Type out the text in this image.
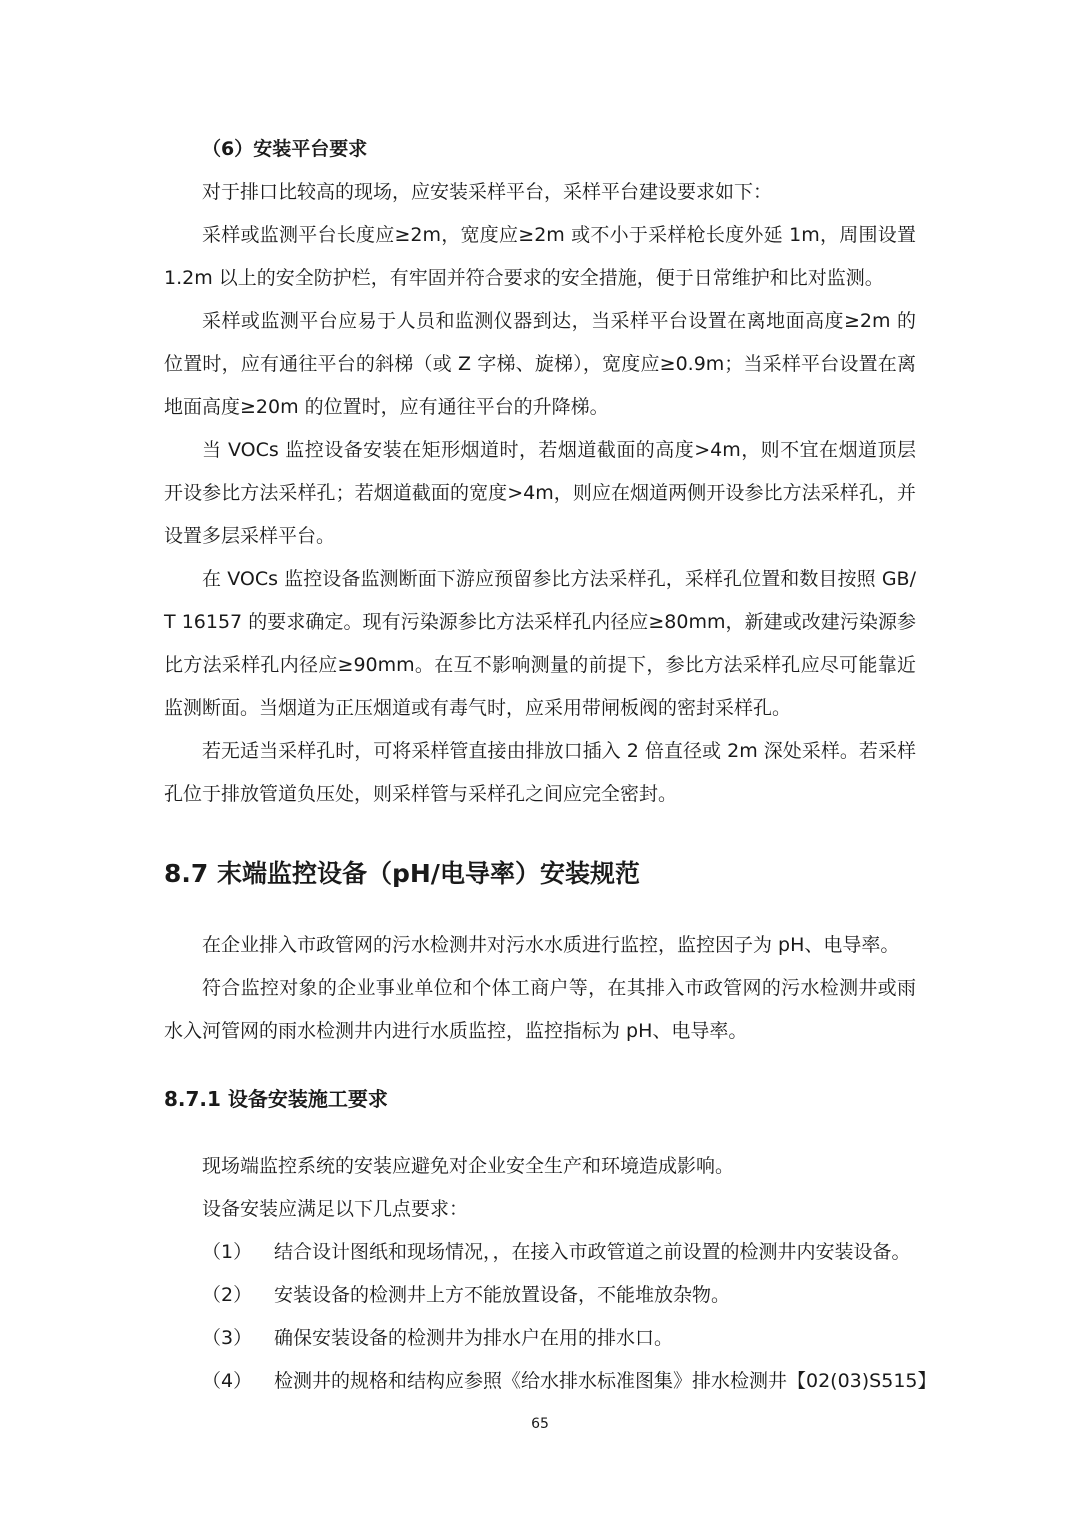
（6）安装平台要求

对于排口比较高的现场，应安装采样平台，采样平台建设要求如下：

采样或监测平台长度应≥2m，宽度应≥2m 或不小于采样枪长度外延 1m，周围设置 1.2m 以上的安全防护栏，有牢固并符合要求的安全措施，便于日常维护和比对监测。

采样或监测平台应易于人员和监测仪器到达，当采样平台设置在离地面高度≥2m 的位置时，应有通往平台的斜梯（或 Z 字梯、旋梯），宽度应≥0.9m；当采样平台设置在离地面高度≥20m 的位置时，应有通往平台的升降梯。

当 VOCs 监控设备安装在矩形烟道时，若烟道截面的高度>4m，则不宜在烟道顶层开设参比方法采样孔；若烟道截面的宽度>4m，则应在烟道两侧开设参比方法采样孔，并设置多层采样平台。

在 VOCs 监控设备监测断面下游应预留参比方法采样孔，采样孔位置和数目按照 GB/T 16157 的要求确定。现有污染源参比方法采样孔内径应≥80mm，新建或改建污染源参比方法采样孔内径应≥90mm。在互不影响测量的前提下，参比方法采样孔应尽可能靠近监测断面。当烟道为正压烟道或有毒气时，应采用带闸板阀的密封采样孔。

若无适当采样孔时，可将采样管直接由排放口插入 2 倍直径或 2m 深处采样。若采样孔位于排放管道负压处，则采样管与采样孔之间应完全密封。

8.7 末端监控设备（pH/电导率）安装规范

在企业排入市政管网的污水检测井对污水水质进行监控，监控因子为 pH、电导率。

符合监控对象的企业事业单位和个体工商户等，在其排入市政管网的污水检测井或雨水入河管网的雨水检测井内进行水质监控，监控指标为 pH、电导率。

8.7.1 设备安装施工要求

现场端监控系统的安装应避免对企业安全生产和环境造成影响。

设备安装应满足以下几点要求：

（1）	结合设计图纸和现场情况，，在接入市政管道之前设置的检测井内安装设备。
（2）	安装设备的检测井上方不能放置设备，不能堆放杂物。
（3）	确保安装设备的检测井为排水户在用的排水口。
（4）	检测井的规格和结构应参照《给水排水标准图集》排水检测井【02(03)S515】
65
